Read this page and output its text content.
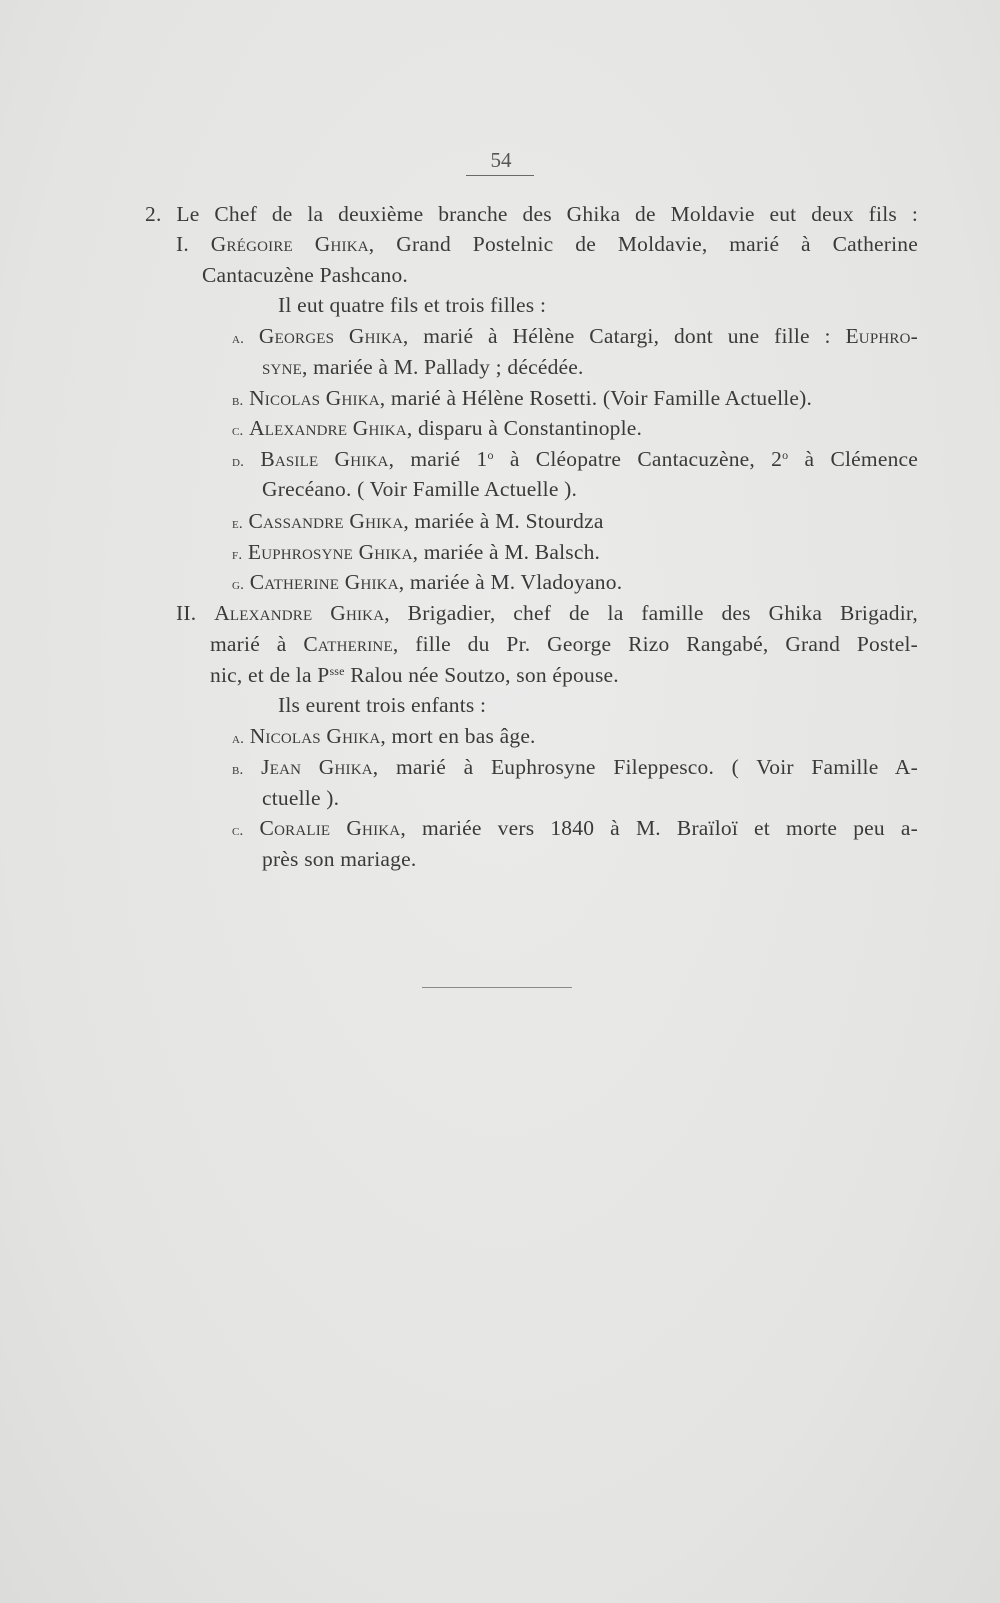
54
2. Le Chef de la deuxième branche des Ghika de Moldavie eut deux fils :
I. Grégoire Ghika, Grand Postelnic de Moldavie, marié à Catherine
Cantacuzène Pashcano.
Il eut quatre fils et trois filles :
a. Georges Ghika, marié à Hélène Catargi, dont une fille : Euphro-
syne, mariée à M. Pallady ; décédée.
b. Nicolas Ghika, marié à Hélène Rosetti. (Voir Famille Actuelle).
c. Alexandre Ghika, disparu à Constantinople.
d. Basile Ghika, marié 1$^o$ à Cléopatre Cantacuzène, 2$^o$ à Clémence
Grecéano. ( Voir Famille Actuelle ).
e. Cassandre Ghika, mariée à M. Stourdza
f. Euphrosyne Ghika, mariée à M. Balsch.
g. Catherine Ghika, mariée à M. Vladoyano.
II. Alexandre Ghika, Brigadier, chef de la famille des Ghika Brigadir,
marié à Catherine, fille du Pr. George Rizo Rangabé, Grand Postel-
nic, et de la $P^{sse}$ Ralou née Soutzo, son épouse.
Ils eurent trois enfants :
a. Nicolas Ghika, mort en bas âge.
b. Jean Ghika, marié à Euphrosyne Fileppesco. ( Voir Famille A-
ctuelle ).
c. Coralie Ghika, mariée vers 1840 à M. Braïloï et morte peu a-
près son mariage.
